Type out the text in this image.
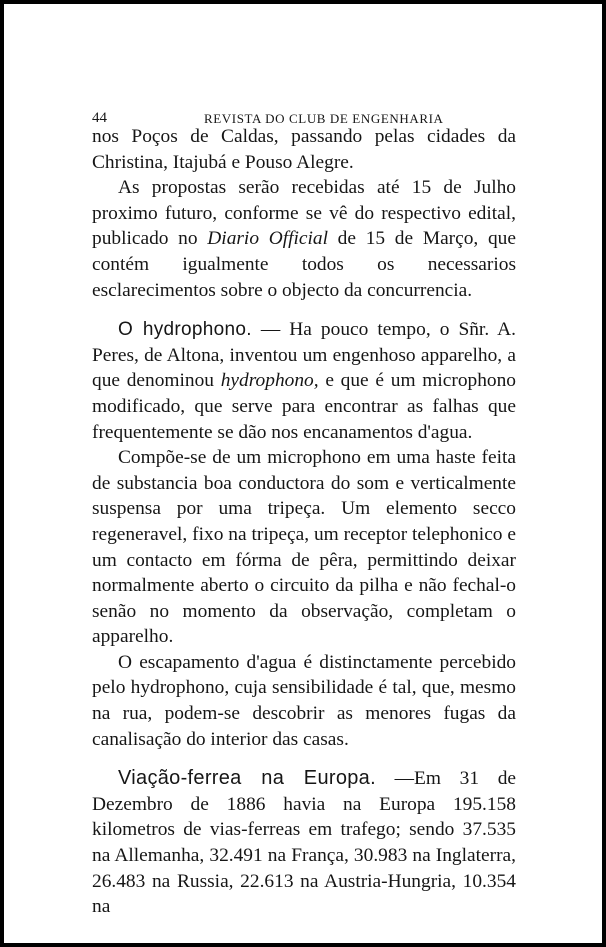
44	REVISTA DO CLUB DE ENGENHARIA

nos Poços de Caldas, passando pelas cidades da Christina, Itajubá e Pouso Alegre.

As propostas serão recebidas até 15 de Julho proximo futuro, conforme se vê do respectivo edital, publicado no Diario Official de 15 de Março, que contém igualmente todos os necessarios esclarecimentos sobre o objecto da concurrencia.

O hydrophono. — Ha pouco tempo, o Sñr. A. Peres, de Altona, inventou um engenhoso apparelho, a que denominou hydrophono, e que é um microphono modificado, que serve para encontrar as falhas que frequentemente se dão nos encanamentos d'agua.

Compõe-se de um microphono em uma haste feita de substancia boa conductora do som e verticalmente suspensa por uma tripeça. Um elemento secco regeneravel, fixo na tripeça, um receptor telephonico e um contacto em fórma de pêra, permittindo deixar normalmente aberto o circuito da pilha e não fechal-o senão no momento da observação, completam o apparelho.

O escapamento d'agua é distinctamente percebido pelo hydrophono, cuja sensibilidade é tal, que, mesmo na rua, podem-se descobrir as menores fugas da canalisação do interior das casas.

Viação-ferrea na Europa. —Em 31 de Dezembro de 1886 havia na Europa 195.158 kilometros de vias-ferreas em trafego; sendo 37.535 na Allemanha, 32.491 na França, 30.983 na Inglaterra, 26.483 na Russia, 22.613 na Austria-Hungria, 10.354 na
